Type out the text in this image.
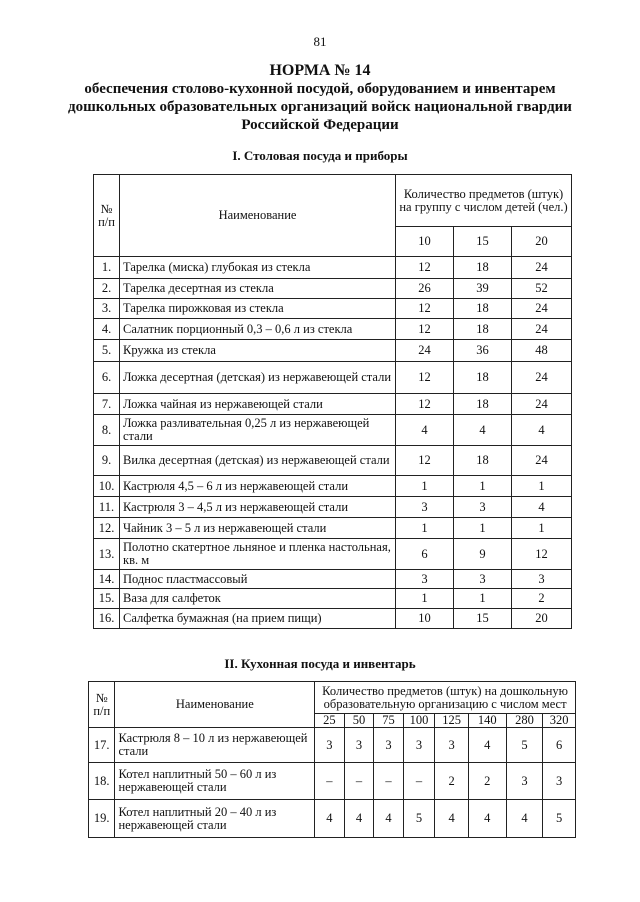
81
НОРМА № 14
обеспечения столово-кухонной посудой, оборудованием и инвентарем
дошкольных образовательных организаций войск национальной гвардии
Российской Федерации
I. Столовая посуда и приборы
№ п/п	Наименование	Количество предметов (штук) на группу с числом детей (чел.)		
		10	15	20
1.	Тарелка (миска) глубокая из стекла	12	18	24
2.	Тарелка десертная из стекла	26	39	52
3.	Тарелка пирожковая из стекла	12	18	24
4.	Салатник порционный 0,3 – 0,6 л из стекла	12	18	24
5.	Кружка из стекла	24	36	48
6.	Ложка десертная (детская) из нержавеющей стали	12	18	24
7.	Ложка чайная из нержавеющей стали	12	18	24
8.	Ложка разливательная 0,25 л из нержавеющей стали	4	4	4
9.	Вилка десертная (детская) из нержавеющей стали	12	18	24
10.	Кастрюля 4,5 – 6 л из нержавеющей стали	1	1	1
11.	Кастрюля 3 – 4,5 л из нержавеющей стали	3	3	4
12.	Чайник 3 – 5 л из нержавеющей стали	1	1	1
13.	Полотно скатертное льняное и пленка настольная, кв. м	6	9	12
14.	Поднос пластмассовый	3	3	3
15.	Ваза для салфеток	1	1	2
16.	Салфетка бумажная (на прием пищи)	10	15	20
II. Кухонная посуда и инвентарь
№ п/п	Наименование	Количество предметов (штук) на дошкольную образовательную организацию с числом мест							
		25	50	75	100	125	140	280	320
17.	Кастрюля 8 – 10 л из нержавеющей стали	3	3	3	3	3	4	5	6
18.	Котел наплитный 50 – 60 л из нержавеющей стали	–	–	–	–	2	2	3	3
19.	Котел наплитный 20 – 40 л из нержавеющей стали	4	4	4	5	4	4	4	5
